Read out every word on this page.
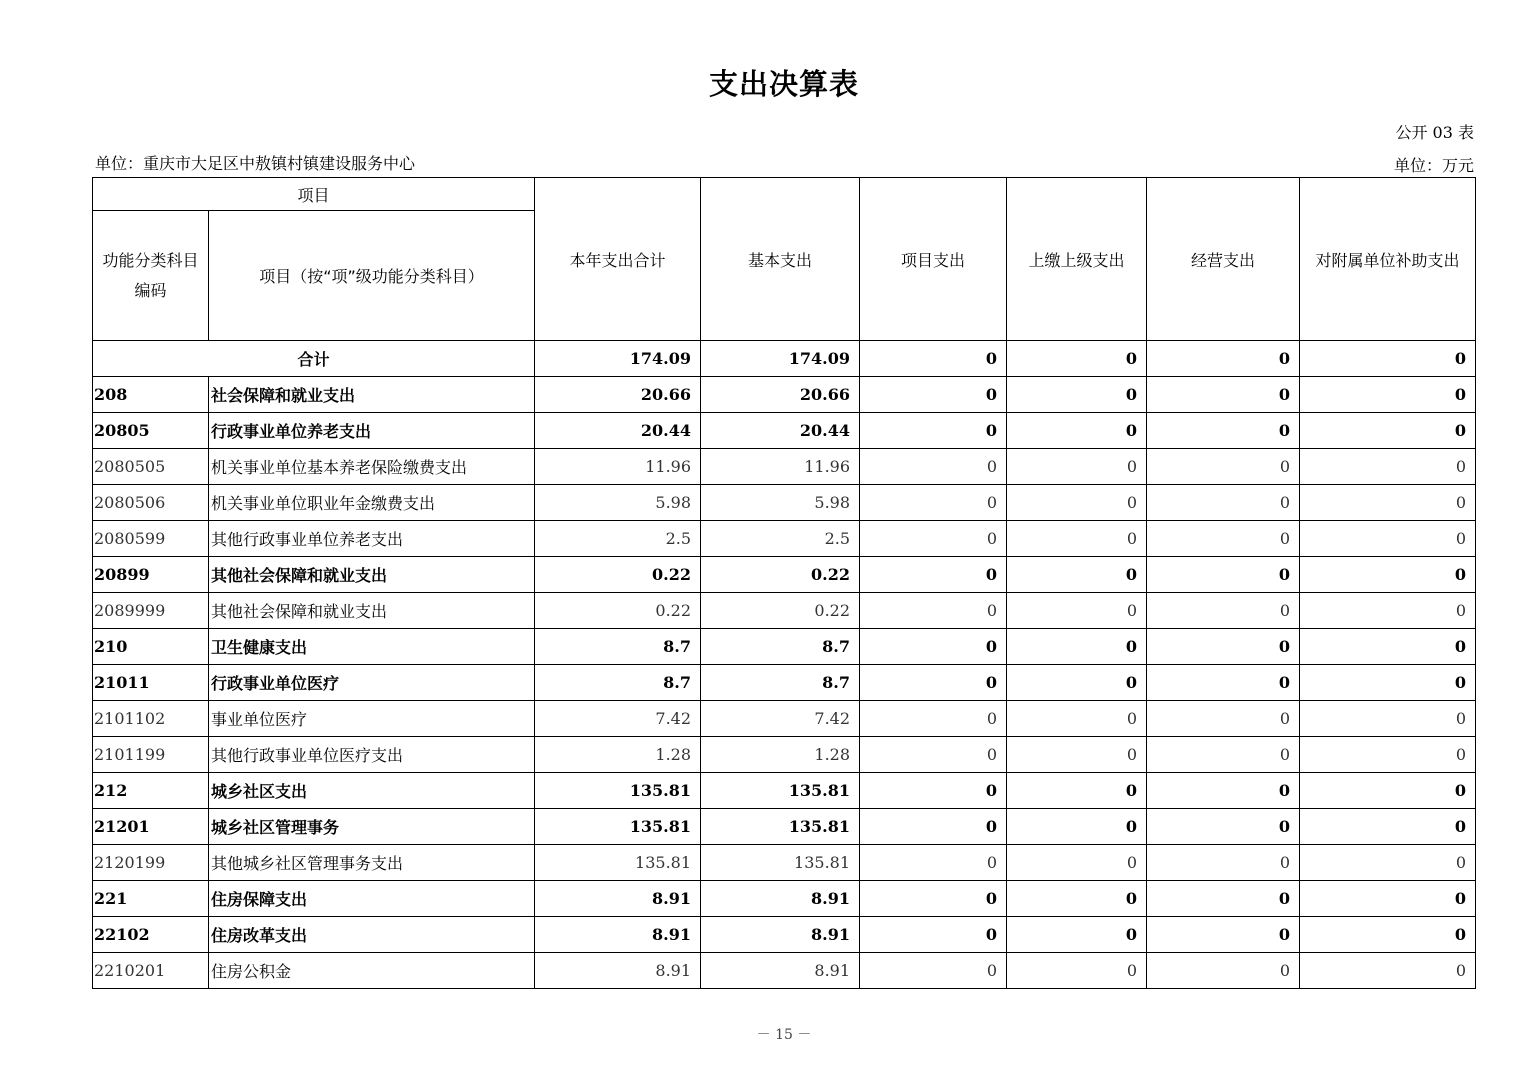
支出决算表
公开 03 表
单位：重庆市大足区中敖镇村镇建设服务中心	单位：万元
项目		本年支出合计	基本支出	项目支出	上缴上级支出	经营支出	对附属单位补助支出
功能分类科目编码	项目（按“项”级功能分类科目）						
合计		174.09	174.09	0	0	0	0
208	社会保障和就业支出	20.66	20.66	0	0	0	0
20805	行政事业单位养老支出	20.44	20.44	0	0	0	0
2080505	机关事业单位基本养老保险缴费支出	11.96	11.96	0	0	0	0
2080506	机关事业单位职业年金缴费支出	5.98	5.98	0	0	0	0
2080599	其他行政事业单位养老支出	2.5	2.5	0	0	0	0
20899	其他社会保障和就业支出	0.22	0.22	0	0	0	0
2089999	其他社会保障和就业支出	0.22	0.22	0	0	0	0
210	卫生健康支出	8.7	8.7	0	0	0	0
21011	行政事业单位医疗	8.7	8.7	0	0	0	0
2101102	事业单位医疗	7.42	7.42	0	0	0	0
2101199	其他行政事业单位医疗支出	1.28	1.28	0	0	0	0
212	城乡社区支出	135.81	135.81	0	0	0	0
21201	城乡社区管理事务	135.81	135.81	0	0	0	0
2120199	其他城乡社区管理事务支出	135.81	135.81	0	0	0	0
221	住房保障支出	8.91	8.91	0	0	0	0
22102	住房改革支出	8.91	8.91	0	0	0	0
2210201	住房公积金	8.91	8.91	0	0	0	0
－ 15 －
